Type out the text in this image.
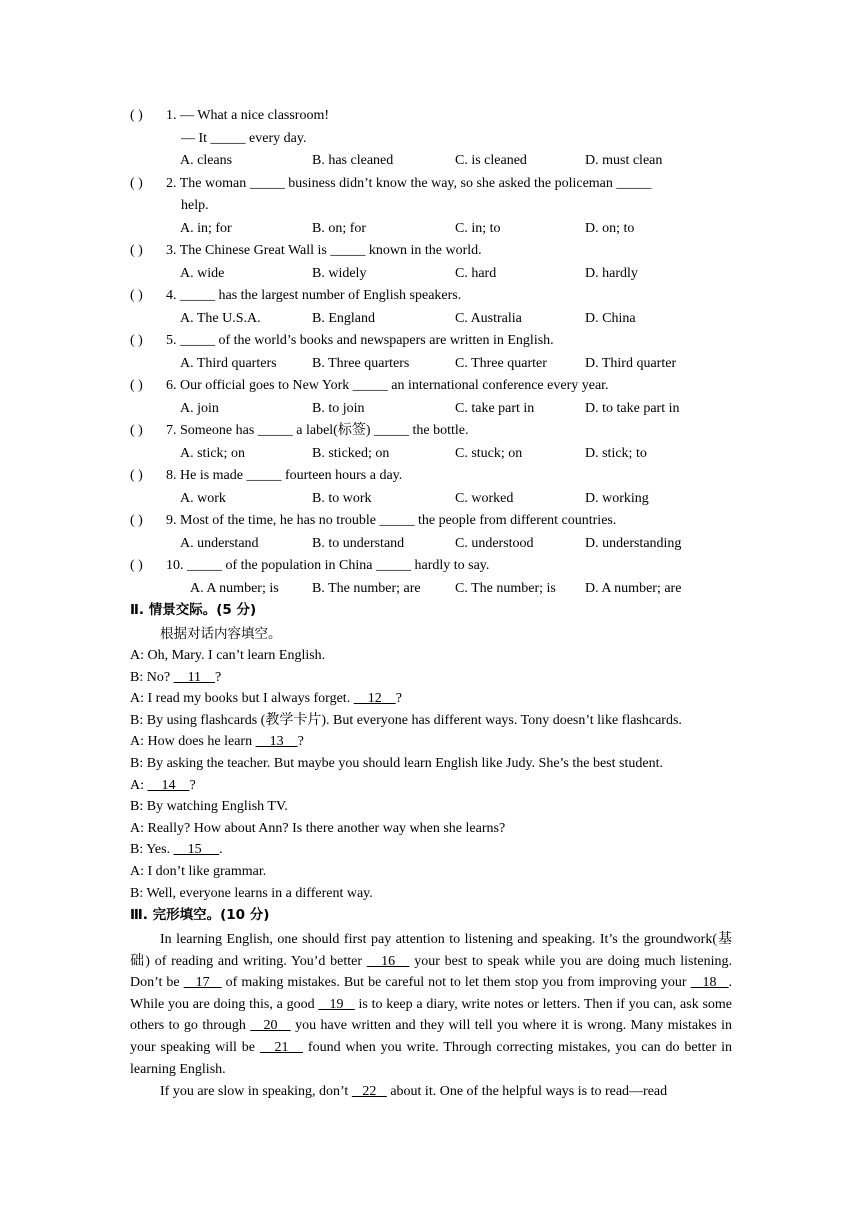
( ) 1. — What a nice classroom!
— It _____ every day.
A. cleans	B. has cleaned	C. is cleaned	D. must clean
( ) 2. The woman _____ business didn’t know the way, so she asked the policeman _____
help.
A. in; for	B. on; for	C. in; to	D. on; to
( ) 3. The Chinese Great Wall is _____ known in the world.
A. wide	B. widely	C. hard	D. hardly
( ) 4. _____ has the largest number of English speakers.
A. The U.S.A.	B. England	C. Australia	D. China
( ) 5. _____ of the world’s books and newspapers are written in English.
A. Third quarters	B. Three quarters	C. Three quarter	D. Third quarter
( ) 6. Our official goes to New York _____ an international conference every year.
A. join	B. to join	C. take part in	D. to take part in
( ) 7. Someone has _____ a label(标签) _____ the bottle.
A. stick; on	B. sticked; on	C. stuck; on	D. stick; to
( ) 8. He is made _____ fourteen hours a day.
A. work	B. to work	C. worked	D. working
( ) 9. Most of the time, he has no trouble _____ the people from different countries.
A. understand	B. to understand	C. understood	D. understanding
( ) 10. _____ of the population in China _____ hardly to say.
A. A number; is B. The number; are C. The number; is D. A number; are
Ⅱ. 情景交际。(5 分)
根据对话内容填空。
A: Oh, Mary. I can’t learn English.
B: No?     11    ?
A: I read my books but I always forget.     12    ?
B: By using flashcards (教学卡片). But everyone has different ways. Tony doesn’t like flashcards.
A: How does he learn     13    ?
B: By asking the teacher. But maybe you should learn English like Judy. She’s the best student.
A:     14    ?
B: By watching English TV.
A: Really? How about Ann? Is there another way when she learns?
B: Yes.     15     .
A: I don’t like grammar.
B: Well, everyone learns in a different way.
Ⅲ. 完形填空。(10 分)
In learning English, one should first pay attention to listening and speaking. It’s the groundwork(基础) of reading and writing. You’d better    16    your best to speak while you are doing much listening. Don’t be    17    of making mistakes. But be careful not to let them stop you from improving your    18   . While you are doing this, a good    19    is to keep a diary, write notes or letters. Then if you can, ask some others to go through    20    you have written and they will tell you where it is wrong. Many mistakes in your speaking will be    21    found when you write. Through correcting mistakes, you can do better in learning English.
If you are slow in speaking, don’t    22    about it. One of the helpful ways is to read—read
